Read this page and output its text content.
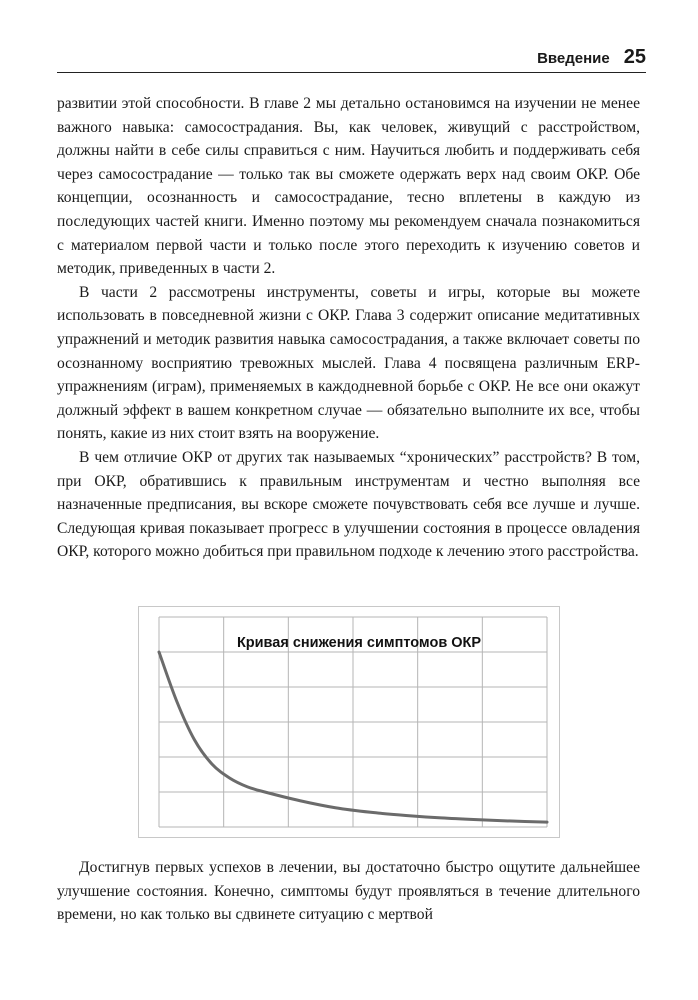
Введение 25

развитии этой способности. В главе 2 мы детально остановимся на изучении не менее важного навыка: самосострадания. Вы, как человек, живущий с расстройством, должны найти в себе силы справиться с ним. Научиться любить и поддерживать себя через самосострадание — только так вы сможете одержать верх над своим ОКР. Обе концепции, осознанность и самосострадание, тесно вплетены в каждую из последующих частей книги. Именно поэтому мы рекомендуем сначала познакомиться с материалом первой части и только после этого переходить к изучению советов и методик, приведенных в части 2.

В части 2 рассмотрены инструменты, советы и игры, которые вы можете использовать в повседневной жизни с ОКР. Глава 3 содержит описание медитативных упражнений и методик развития навыка самосострадания, а также включает советы по осознанному восприятию тревожных мыслей. Глава 4 посвящена различным ERP-упражнениям (играм), применяемых в каждодневной борьбе с ОКР. Не все они окажут должный эффект в вашем конкретном случае — обязательно выполните их все, чтобы понять, какие из них стоит взять на вооружение.

В чем отличие ОКР от других так называемых “хронических” расстройств? В том, при ОКР, обратившись к правильным инструментам и честно выполняя все назначенные предписания, вы вскоре сможете почувствовать себя все лучше и лучше. Следующая кривая показывает прогресс в улучшении состояния в процессе овладения ОКР, которого можно добиться при правильном подходе к лечению этого расстройства.

Кривая снижения симптомов ОКР

Достигнув первых успехов в лечении, вы достаточно быстро ощутите дальнейшее улучшение состояния. Конечно, симптомы будут проявляться в течение длительного времени, но как только вы сдвинете ситуацию с мертвой
